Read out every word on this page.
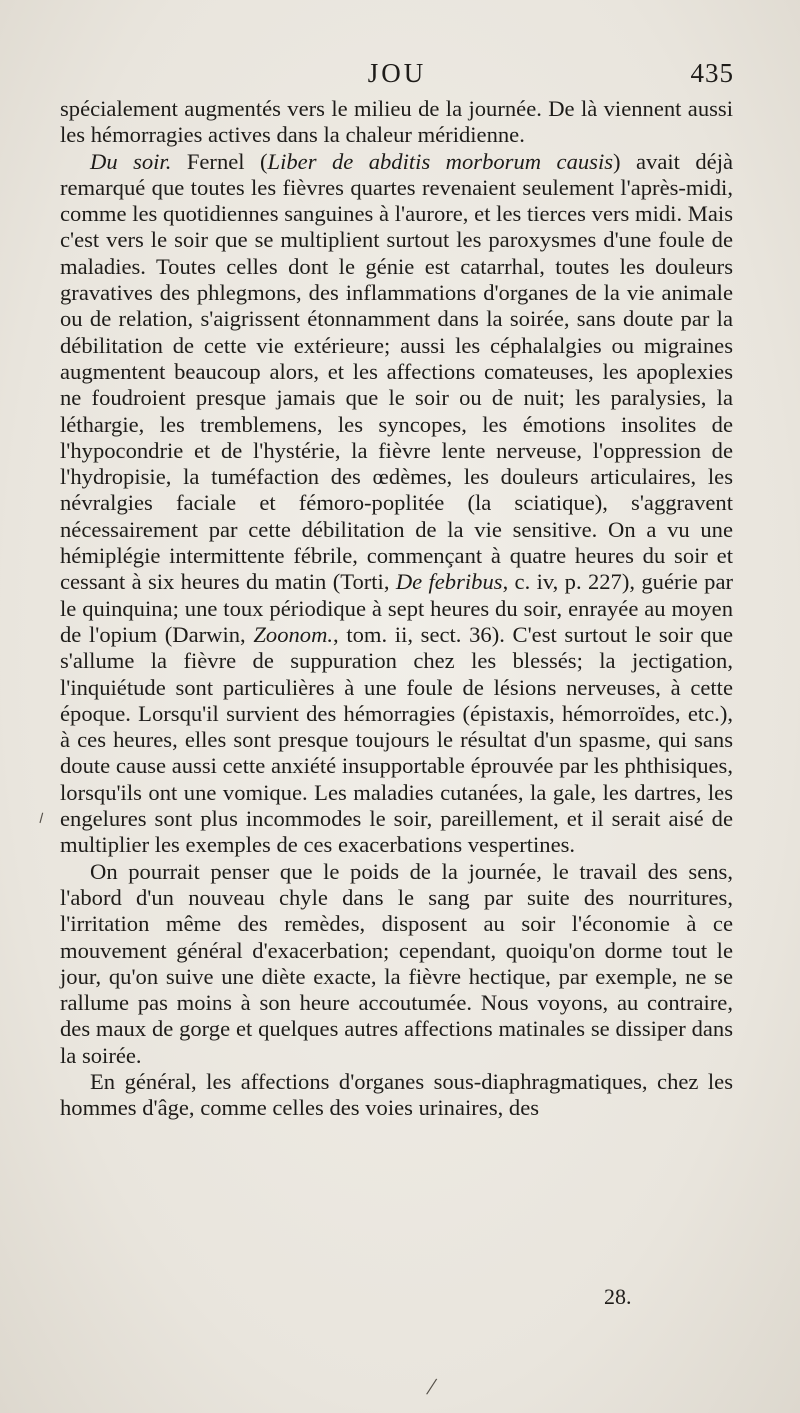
JOU	435

spécialement augmentés vers le milieu de la journée. De là viennent aussi les hémorragies actives dans la chaleur méridienne.

Du soir. Fernel (Liber de abditis morborum causis) avait déjà remarqué que toutes les fièvres quartes revenaient seulement l'après-midi, comme les quotidiennes sanguines à l'aurore, et les tierces vers midi. Mais c'est vers le soir que se multiplient surtout les paroxysmes d'une foule de maladies. Toutes celles dont le génie est catarrhal, toutes les douleurs gravatives des phlegmons, des inflammations d'organes de la vie animale ou de relation, s'aigrissent étonnamment dans la soirée, sans doute par la débilitation de cette vie extérieure; aussi les céphalalgies ou migraines augmentent beaucoup alors, et les affections comateuses, les apoplexies ne foudroient presque jamais que le soir ou de nuit; les paralysies, la léthargie, les tremblemens, les syncopes, les émotions insolites de l'hypocondrie et de l'hystérie, la fièvre lente nerveuse, l'oppression de l'hydropisie, la tuméfaction des œdèmes, les douleurs articulaires, les névralgies faciale et fémoro-poplitée (la sciatique), s'aggravent nécessairement par cette débilitation de la vie sensitive. On a vu une hémiplégie intermittente fébrile, commençant à quatre heures du soir et cessant à six heures du matin (Torti, De febribus, c. iv, p. 227), guérie par le quinquina; une toux périodique à sept heures du soir, enrayée au moyen de l'opium (Darwin, Zoonom., tom. ii, sect. 36). C'est surtout le soir que s'allume la fièvre de suppuration chez les blessés; la jectigation, l'inquiétude sont particulières à une foule de lésions nerveuses, à cette époque. Lorsqu'il survient des hémorragies (épistaxis, hémorroïdes, etc.), à ces heures, elles sont presque toujours le résultat d'un spasme, qui sans doute cause aussi cette anxiété insupportable éprouvée par les phthisiques, lorsqu'ils ont une vomique. Les maladies cutanées, la gale, les dartres, les engelures sont plus incommodes le soir, pareillement, et il serait aisé de multiplier les exemples de ces exacerbations vespertines.

On pourrait penser que le poids de la journée, le travail des sens, l'abord d'un nouveau chyle dans le sang par suite des nourritures, l'irritation même des remèdes, disposent au soir l'économie à ce mouvement général d'exacerbation; cependant, quoiqu'on dorme tout le jour, qu'on suive une diète exacte, la fièvre hectique, par exemple, ne se rallume pas moins à son heure accoutumée. Nous voyons, au contraire, des maux de gorge et quelques autres affections matinales se dissiper dans la soirée.

En général, les affections d'organes sous-diaphragmatiques, chez les hommes d'âge, comme celles des voies urinaires, des

28.
⸝
/
